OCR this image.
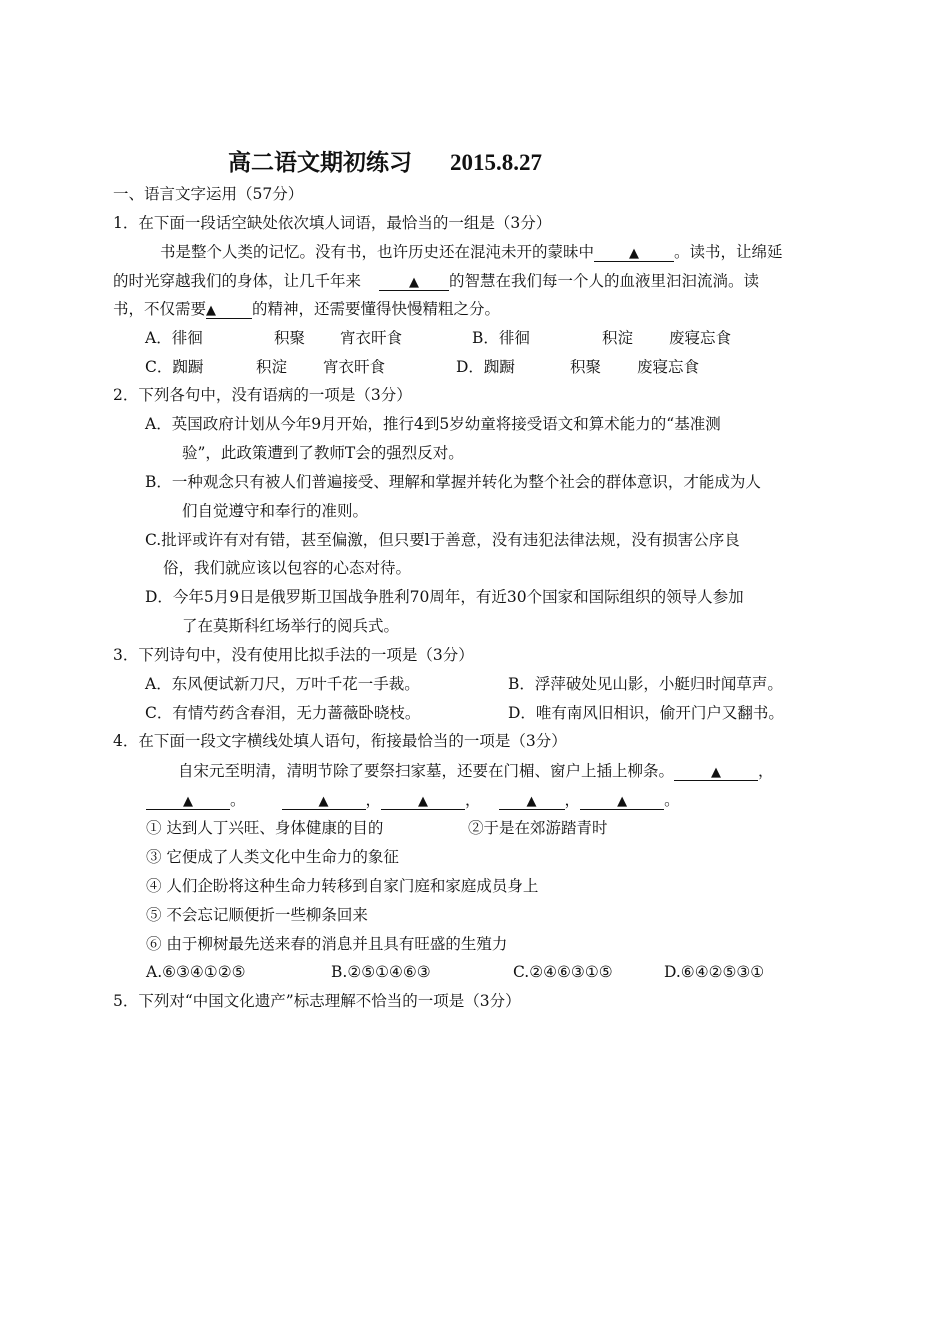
高二语文期初练习 2015.8.27
一、语言文字运用（57分）
1．在下面一段话空缺处依次填人词语，最恰当的一组是（3分）
书是整个人类的记忆。没有书，也许历史还在混沌未开的蒙昧中	▲ 。读书，让绵延
的时光穿越我们的身体，让几千年来	▲ 的智慧在我们每一个人的血液里汩汩流淌。读
书，不仅需要▲ 的精神，还需要懂得快慢精粗之分。
A．徘徊	积聚 宵衣旰食	B．徘徊	积淀 废寝忘食
C．踟蹰	积淀 宵衣旰食	D．踟蹰	积聚 废寝忘食
2．下列各句中，没有语病的一项是（3分）
A．英国政府计划从今年9月开始，推行4到5岁幼童将接受语文和算术能力的“基准测
验”，此政策遭到了教师T会的强烈反对。
B．一种观念只有被人们普遍接受、理解和掌握并转化为整个社会的群体意识，才能成为人
们自觉遵守和奉行的准则。
C.批评或许有对有错，甚至偏激，但只要l于善意，没有违犯法律法规，没有损害公序良
俗，我们就应该以包容的心态对待。
D．今年5月9日是俄罗斯卫国战争胜利70周年，有近30个国家和国际组织的领导人参加
了在莫斯科红场举行的阅兵式。
3．下列诗句中，没有使用比拟手法的一项是（3分）
A．东风便试新刀尺，万叶千花一手裁。	B．浮萍破处见山影，小艇归时闻草声。
C．有情芍药含春泪，无力蔷薇卧晓枝。	D．唯有南风旧相识，偷开门户又翻书。
4．在下面一段文字横线处填人语句，衔接最恰当的一项是（3分）
自宋元至明清，清明节除了要祭扫家墓，还要在门楣、窗户上插上柳条。	▲ ，
▲ 。	▲ ，	▲ ，	▲ ，	▲ 。
① 达到人丁兴旺、身体健康的目的	②于是在郊游踏青时
③ 它便成了人类文化中生命力的象征
④ 人们企盼将这种生命力转移到自家门庭和家庭成员身上
⑤ 不会忘记顺便折一些柳条回来
⑥ 由于柳树最先送来春的消息并且具有旺盛的生殖力
A.⑥③④①②⑤	B.②⑤①④⑥③	C.②④⑥③①⑤	D.⑥④②⑤③①
5．下列对“中国文化遗产”标志理解不恰当的一项是（3分）
